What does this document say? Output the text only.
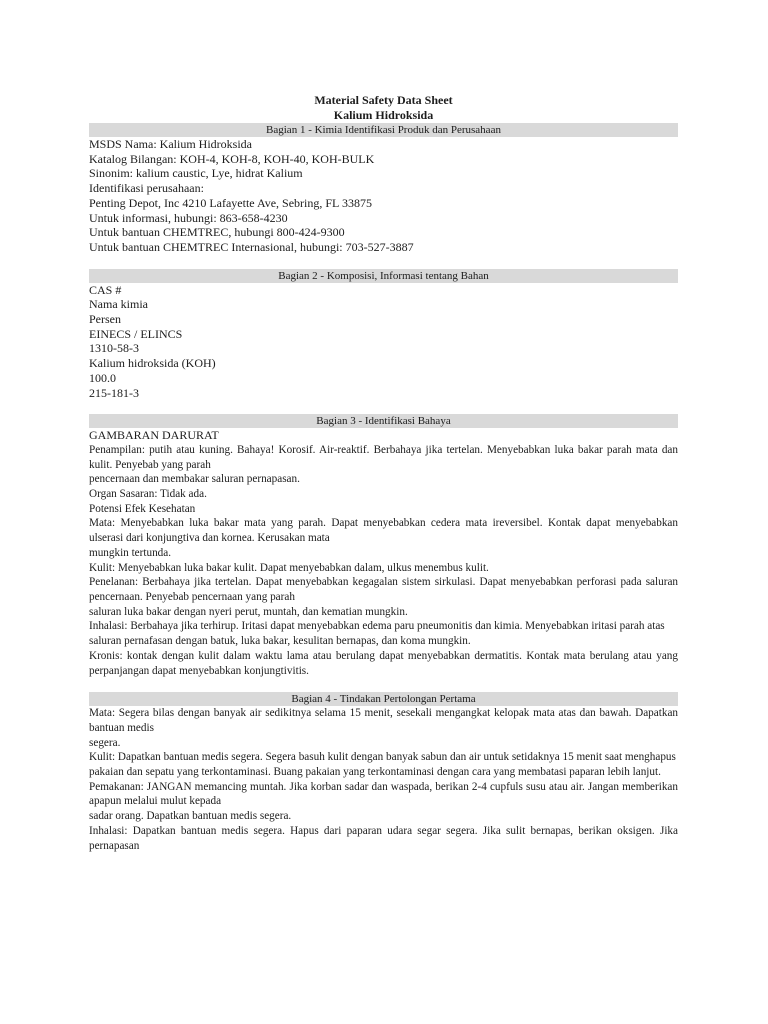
Material Safety Data Sheet
Kalium Hidroksida
Bagian 1 - Kimia Identifikasi Produk dan Perusahaan
MSDS Nama: Kalium Hidroksida
Katalog Bilangan: KOH-4, KOH-8, KOH-40, KOH-BULK
Sinonim: kalium caustic, Lye, hidrat Kalium
Identifikasi perusahaan:
Penting Depot, Inc 4210 Lafayette Ave, Sebring, FL 33875
Untuk informasi, hubungi: 863-658-4230
Untuk bantuan CHEMTREC, hubungi 800-424-9300
Untuk bantuan CHEMTREC Internasional, hubungi: 703-527-3887
Bagian 2 - Komposisi, Informasi tentang Bahan
CAS #
Nama kimia
Persen
EINECS / ELINCS
1310-58-3
Kalium hidroksida (KOH)
100.0
215-181-3
Bagian 3 - Identifikasi Bahaya
GAMBARAN DARURAT
Penampilan: putih atau kuning. Bahaya! Korosif. Air-reaktif. Berbahaya jika tertelan. Menyebabkan luka bakar parah mata dan kulit. Penyebab yang parah
pencernaan dan membakar saluran pernapasan.
Organ Sasaran: Tidak ada.
Potensi Efek Kesehatan
Mata: Menyebabkan luka bakar mata yang parah. Dapat menyebabkan cedera mata ireversibel. Kontak dapat menyebabkan ulserasi dari konjungtiva dan kornea. Kerusakan mata
mungkin tertunda.
Kulit: Menyebabkan luka bakar kulit. Dapat menyebabkan dalam, ulkus menembus kulit.
Penelanan: Berbahaya jika tertelan. Dapat menyebabkan kegagalan sistem sirkulasi. Dapat menyebabkan perforasi pada saluran pencernaan. Penyebab pencernaan yang parah
saluran luka bakar dengan nyeri perut, muntah, dan kematian mungkin.
Inhalasi: Berbahaya jika terhirup. Iritasi dapat menyebabkan edema paru pneumonitis dan kimia. Menyebabkan iritasi parah atas
saluran pernafasan dengan batuk, luka bakar, kesulitan bernapas, dan koma mungkin.
Kronis: kontak dengan kulit dalam waktu lama atau berulang dapat menyebabkan dermatitis. Kontak mata berulang atau yang perpanjangan dapat menyebabkan konjungtivitis.
Bagian 4 - Tindakan Pertolongan Pertama
Mata: Segera bilas dengan banyak air sedikitnya selama 15 menit, sesekali mengangkat kelopak mata atas dan bawah. Dapatkan bantuan medis
segera.
Kulit: Dapatkan bantuan medis segera. Segera basuh kulit dengan banyak sabun dan air untuk setidaknya 15 menit saat menghapus
pakaian dan sepatu yang terkontaminasi. Buang pakaian yang terkontaminasi dengan cara yang membatasi paparan lebih lanjut.
Pemakanan: JANGAN memancing muntah. Jika korban sadar dan waspada, berikan 2-4 cupfuls susu atau air. Jangan memberikan apapun melalui mulut kepada
sadar orang. Dapatkan bantuan medis segera.
Inhalasi: Dapatkan bantuan medis segera. Hapus dari paparan udara segar segera. Jika sulit bernapas, berikan oksigen. Jika pernapasan
